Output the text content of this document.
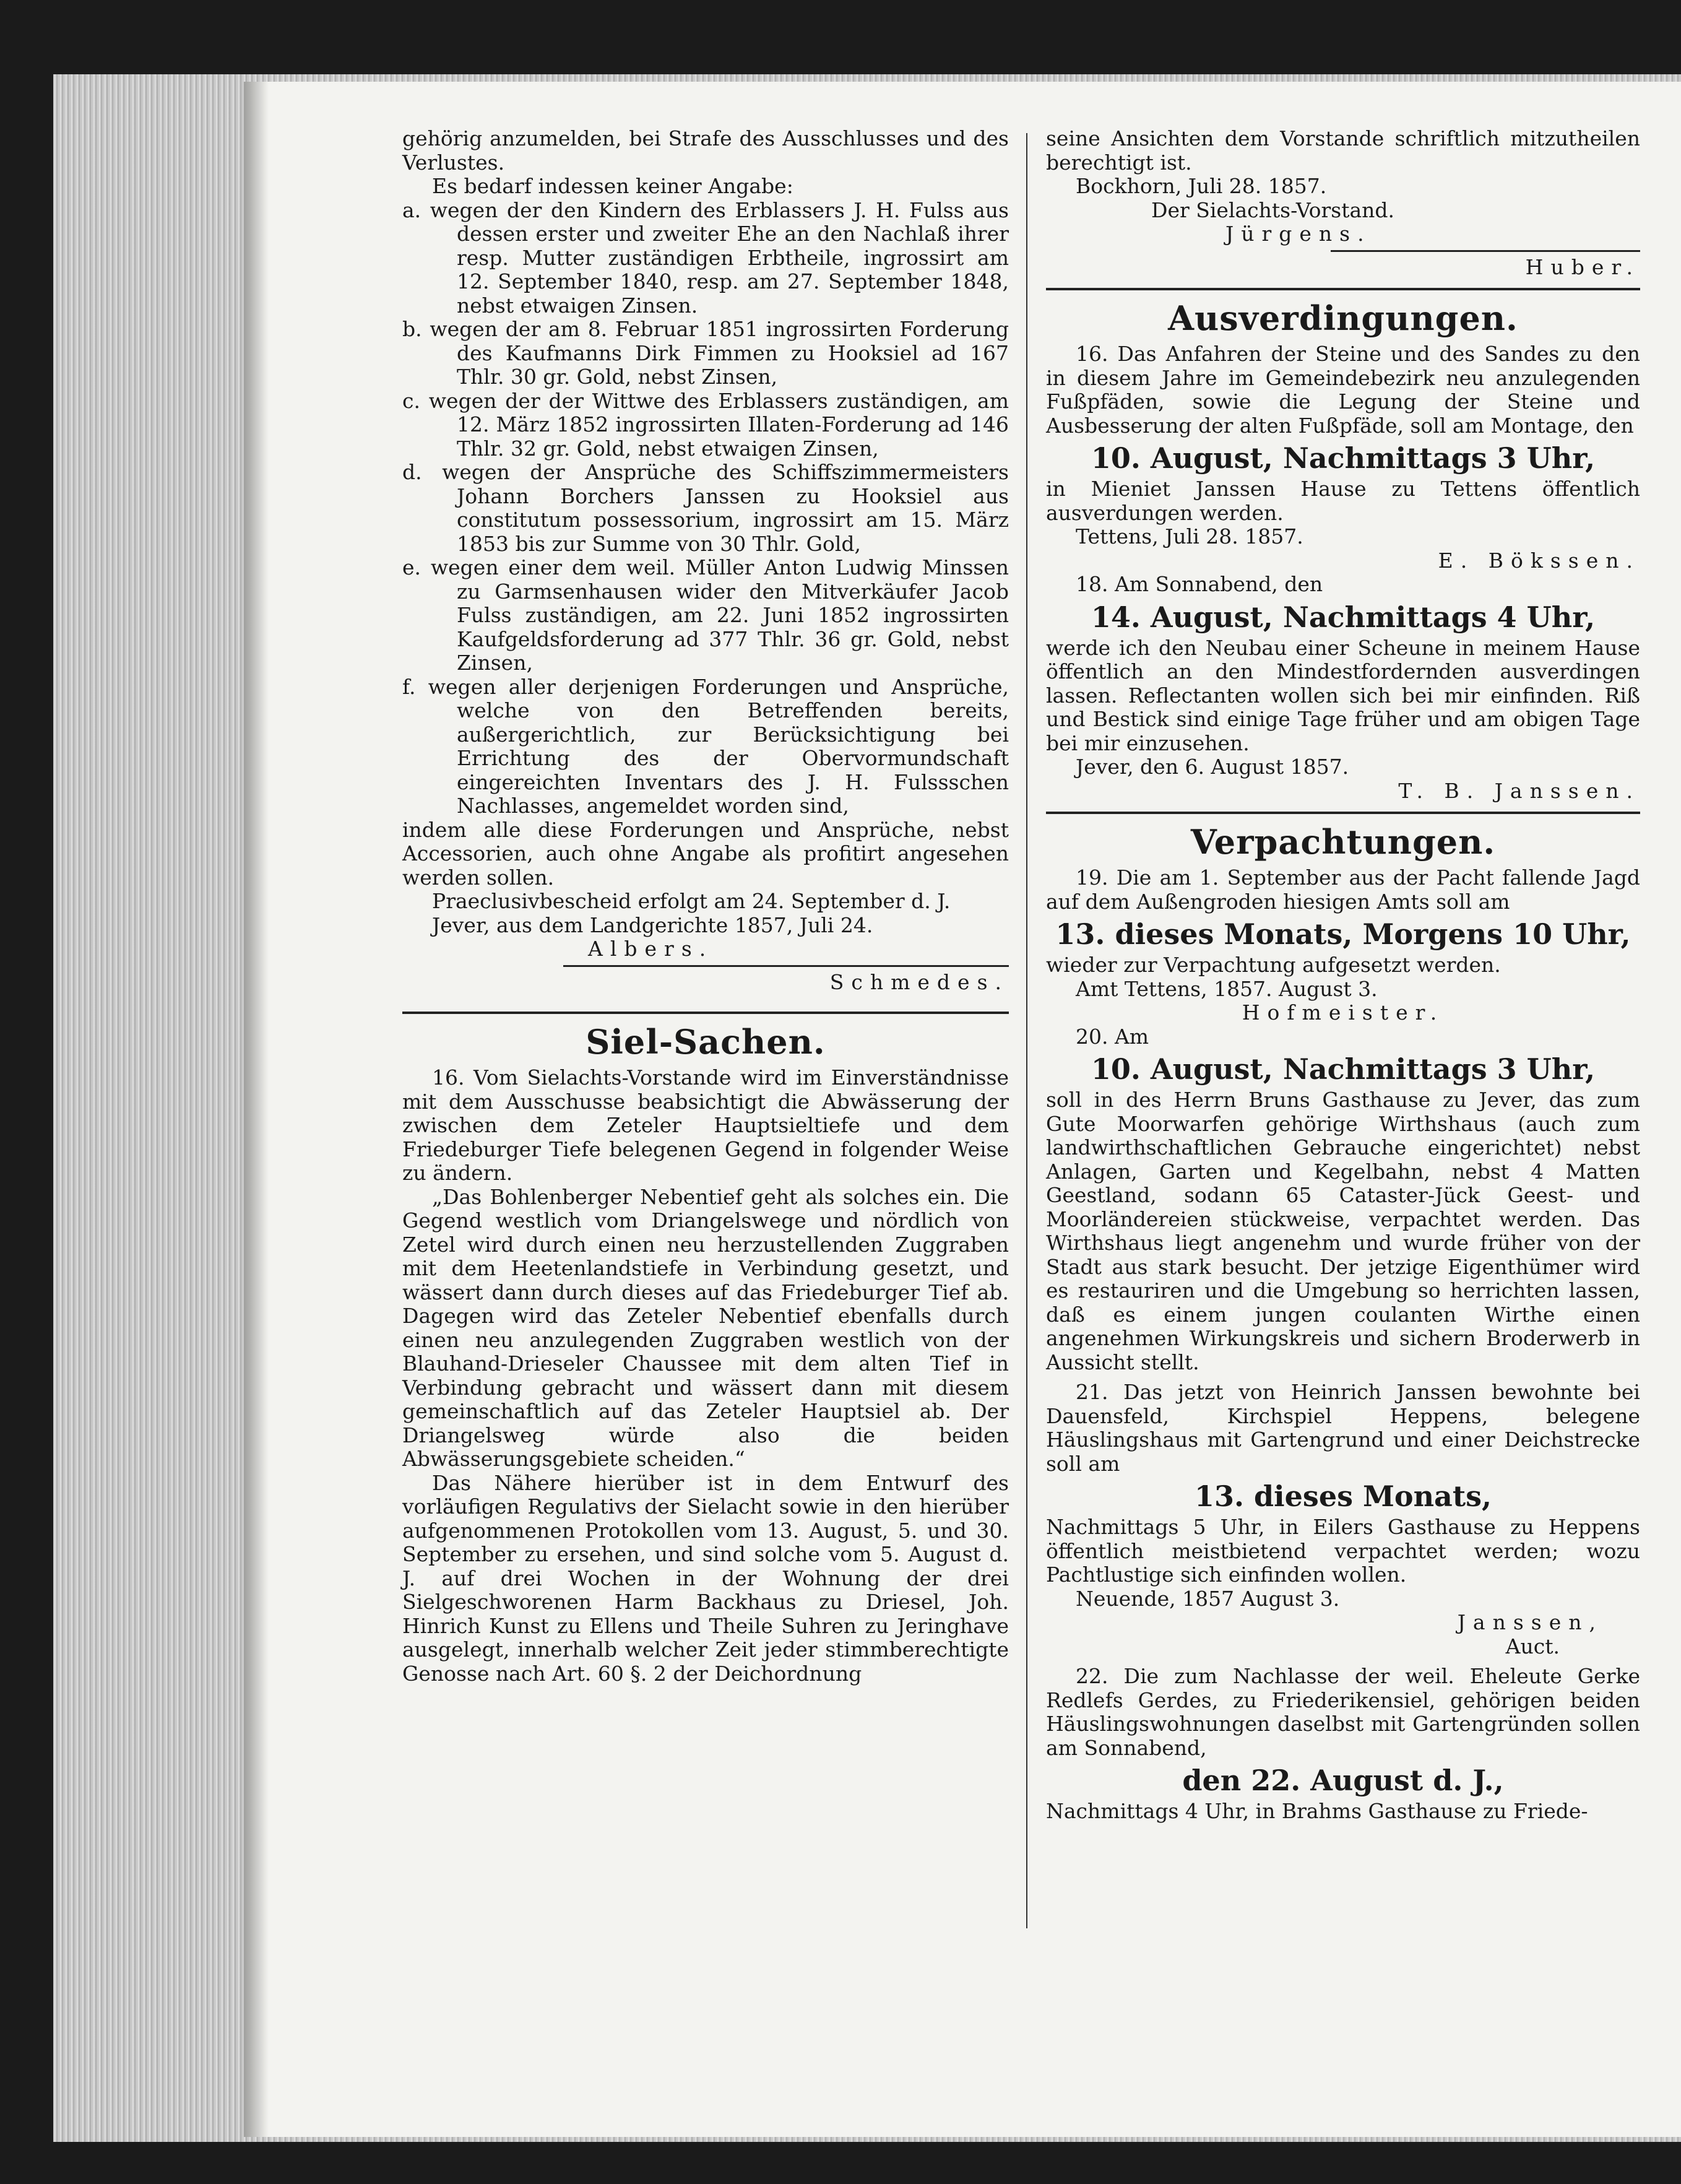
gehörig anzumelden, bei Strafe des Ausschlusses und des Verlustes.

Es bedarf indessen keiner Angabe:

a. wegen der den Kindern des Erblassers J. H. Fulss aus dessen erster und zweiter Ehe an den Nachlaß ihrer resp. Mutter zuständigen Erbtheile, ingrossirt am 12. September 1840, resp. am 27. September 1848, nebst etwaigen Zinsen.

b. wegen der am 8. Februar 1851 ingrossirten Forderung des Kaufmanns Dirk Fimmen zu Hooksiel ad 167 Thlr. 30 gr. Gold, nebst Zinsen,

c. wegen der der Wittwe des Erblassers zuständigen, am 12. März 1852 ingrossirten Illaten-Forderung ad 146 Thlr. 32 gr. Gold, nebst etwaigen Zinsen,

d. wegen der Ansprüche des Schiffszimmermeisters Johann Borchers Janssen zu Hooksiel aus constitutum possessorium, ingrossirt am 15. März 1853 bis zur Summe von 30 Thlr. Gold,

e. wegen einer dem weil. Müller Anton Ludwig Minssen zu Garmsenhausen wider den Mitverkäufer Jacob Fulss zuständigen, am 22. Juni 1852 ingrossirten Kaufgeldsforderung ad 377 Thlr. 36 gr. Gold, nebst Zinsen,

f. wegen aller derjenigen Forderungen und Ansprüche, welche von den Betreffenden bereits, außergerichtlich, zur Berücksichtigung bei Errichtung des der Obervormundschaft eingereichten Inventars des J. H. Fulssschen Nachlasses, angemeldet worden sind,

indem alle diese Forderungen und Ansprüche, nebst Accessorien, auch ohne Angabe als profitirt angesehen werden sollen.

Praeclusivbescheid erfolgt am 24. September d. J.

Jever, aus dem Landgerichte 1857, Juli 24.

Albers.

Schmedes.

Siel-Sachen.

16. Vom Sielachts-Vorstande wird im Einverständnisse mit dem Ausschusse beabsichtigt die Abwässerung der zwischen dem Zeteler Hauptsieltiefe und dem Friedeburger Tiefe belegenen Gegend in folgender Weise zu ändern.

„Das Bohlenberger Nebentief geht als solches ein. Die Gegend westlich vom Driangelswege und nördlich von Zetel wird durch einen neu herzustellenden Zuggraben mit dem Heetenlandstiefe in Verbindung gesetzt, und wässert dann durch dieses auf das Friedeburger Tief ab. Dagegen wird das Zeteler Nebentief ebenfalls durch einen neu anzulegenden Zuggraben westlich von der Blauhand-Drieseler Chaussee mit dem alten Tief in Verbindung gebracht und wässert dann mit diesem gemeinschaftlich auf das Zeteler Hauptsiel ab. Der Driangelsweg würde also die beiden Abwässerungsgebiete scheiden.“

Das Nähere hierüber ist in dem Entwurf des vorläufigen Regulativs der Sielacht sowie in den hierüber aufgenommenen Protokollen vom 13. August, 5. und 30. September zu ersehen, und sind solche vom 5. August d. J. auf drei Wochen in der Wohnung der drei Sielgeschworenen Harm Backhaus zu Driesel, Joh. Hinrich Kunst zu Ellens und Theile Suhren zu Jeringhave ausgelegt, innerhalb welcher Zeit jeder stimmberechtigte Genosse nach Art. 60 §. 2 der Deichordnung

seine Ansichten dem Vorstande schriftlich mitzutheilen berechtigt ist.

Bockhorn, Juli 28. 1857.

Der Sielachts-Vorstand.

Jürgens.

Huber.

Ausverdingungen.

16. Das Anfahren der Steine und des Sandes zu den in diesem Jahre im Gemeindebezirk neu anzulegenden Fußpfäden, sowie die Legung der Steine und Ausbesserung der alten Fußpfäde, soll am Montage, den

10. August, Nachmittags 3 Uhr,

in Mieniet Janssen Hause zu Tettens öffentlich ausverdungen werden.

Tettens, Juli 28. 1857.

E. Bökssen.

18. Am Sonnabend, den

14. August, Nachmittags 4 Uhr,

werde ich den Neubau einer Scheune in meinem Hause öffentlich an den Mindestfordernden ausverdingen lassen. Reflectanten wollen sich bei mir einfinden. Riß und Bestick sind einige Tage früher und am obigen Tage bei mir einzusehen.

Jever, den 6. August 1857.

T. B. Janssen.

Verpachtungen.

19. Die am 1. September aus der Pacht fallende Jagd auf dem Außengroden hiesigen Amts soll am

13. dieses Monats, Morgens 10 Uhr,

wieder zur Verpachtung aufgesetzt werden.

Amt Tettens, 1857. August 3.

Hofmeister.

20. Am

10. August, Nachmittags 3 Uhr,

soll in des Herrn Bruns Gasthause zu Jever, das zum Gute Moorwarfen gehörige Wirthshaus (auch zum landwirthschaftlichen Gebrauche eingerichtet) nebst Anlagen, Garten und Kegelbahn, nebst 4 Matten Geestland, sodann 65 Cataster-Jück Geest- und Moorländereien stückweise, verpachtet werden. Das Wirthshaus liegt angenehm und wurde früher von der Stadt aus stark besucht. Der jetzige Eigenthümer wird es restauriren und die Umgebung so herrichten lassen, daß es einem jungen coulanten Wirthe einen angenehmen Wirkungskreis und sichern Broderwerb in Aussicht stellt.

21. Das jetzt von Heinrich Janssen bewohnte bei Dauensfeld, Kirchspiel Heppens, belegene Häuslingshaus mit Gartengrund und einer Deichstrecke soll am

13. dieses Monats,

Nachmittags 5 Uhr, in Eilers Gasthause zu Heppens öffentlich meistbietend verpachtet werden; wozu Pachtlustige sich einfinden wollen.

Neuende, 1857 August 3.

Janssen,

Auct.

22. Die zum Nachlasse der weil. Eheleute Gerke Redlefs Gerdes, zu Friederikensiel, gehörigen beiden Häuslingswohnungen daselbst mit Gartengründen sollen am Sonnabend,

den 22. August d. J.,

Nachmittags 4 Uhr, in Brahms Gasthause zu Friede-
